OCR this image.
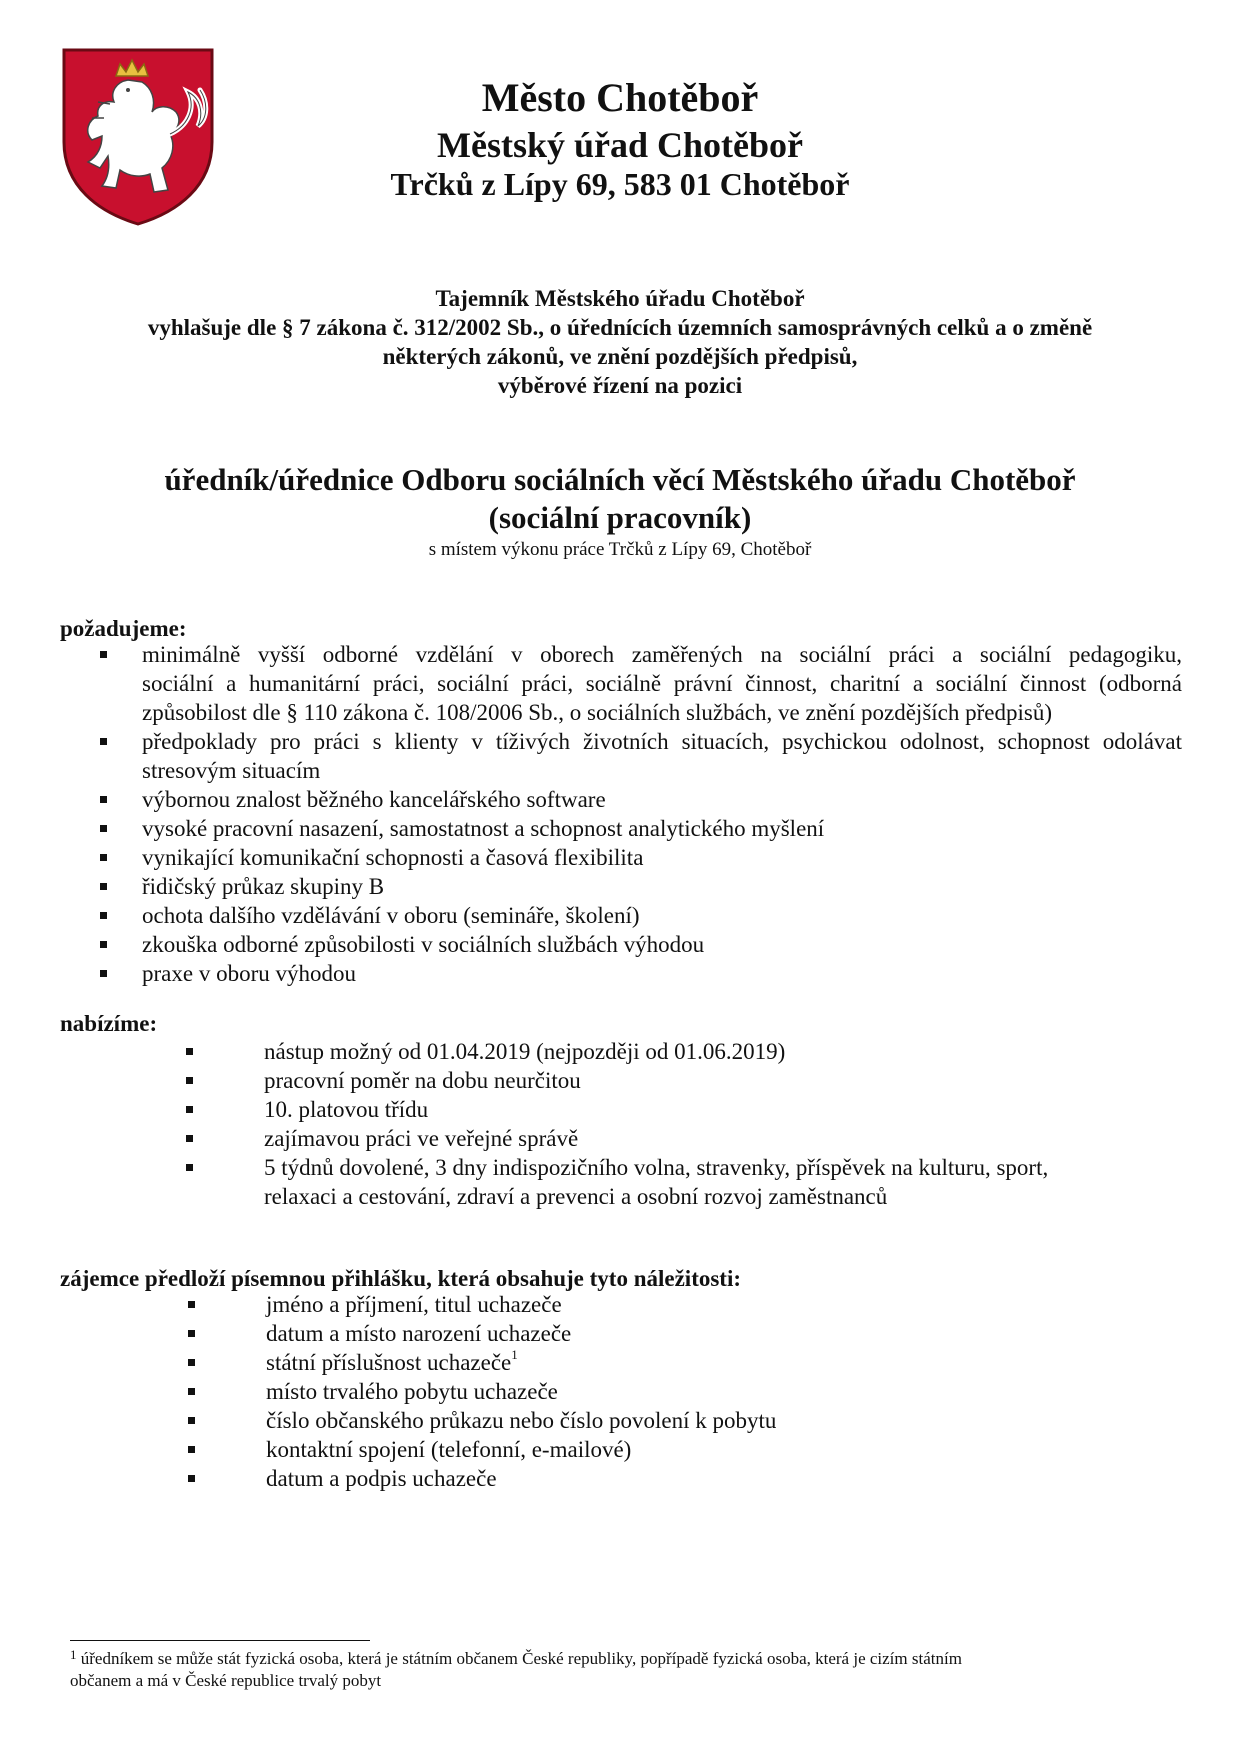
Město Chotěboř
Městský úřad Chotěboř
Trčků z Lípy 69, 583 01 Chotěboř
Tajemník Městského úřadu Chotěboř
vyhlašuje dle § 7 zákona č. 312/2002 Sb., o úřednících územních samosprávných celků a o změně
některých zákonů, ve znění pozdějších předpisů,
výběrové řízení na pozici
úředník/úřednice Odboru sociálních věcí Městského úřadu Chotěboř
(sociální pracovník)
s místem výkonu práce Trčků z Lípy 69, Chotěboř
požadujeme:
minimálně vyšší odborné vzdělání v oborech zaměřených na sociální práci a sociální pedagogiku,
sociální a humanitární práci, sociální práci, sociálně právní činnost, charitní a sociální činnost (odborná
způsobilost dle § 110 zákona č. 108/2006 Sb., o sociálních službách, ve znění pozdějších předpisů)
předpoklady pro práci s klienty v tíživých životních situacích, psychickou odolnost, schopnost odolávat
stresovým situacím
výbornou znalost běžného kancelářského software
vysoké pracovní nasazení, samostatnost a schopnost analytického myšlení
vynikající komunikační schopnosti a časová flexibilita
řidičský průkaz skupiny B
ochota dalšího vzdělávání v oboru (semináře, školení)
zkouška odborné způsobilosti v sociálních službách výhodou
praxe v oboru výhodou
nabízíme:
nástup možný od 01.04.2019 (nejpozději od 01.06.2019)
pracovní poměr na dobu neurčitou
10. platovou třídu
zajímavou práci ve veřejné správě
5 týdnů dovolené, 3 dny indispozičního volna, stravenky, příspěvek na kulturu, sport,
relaxaci a cestování, zdraví a prevenci a osobní rozvoj zaměstnanců
zájemce předloží písemnou přihlášku, která obsahuje tyto náležitosti:
jméno a příjmení, titul uchazeče
datum a místo narození uchazeče
státní příslušnost uchazeče$^1$
místo trvalého pobytu uchazeče
číslo občanského průkazu nebo číslo povolení k pobytu
kontaktní spojení (telefonní, e-mailové)
datum a podpis uchazeče
$^1$ úředníkem se může stát fyzická osoba, která je státním občanem České republiky, popřípadě fyzická osoba, která je cizím státním
občanem a má v České republice trvalý pobyt
